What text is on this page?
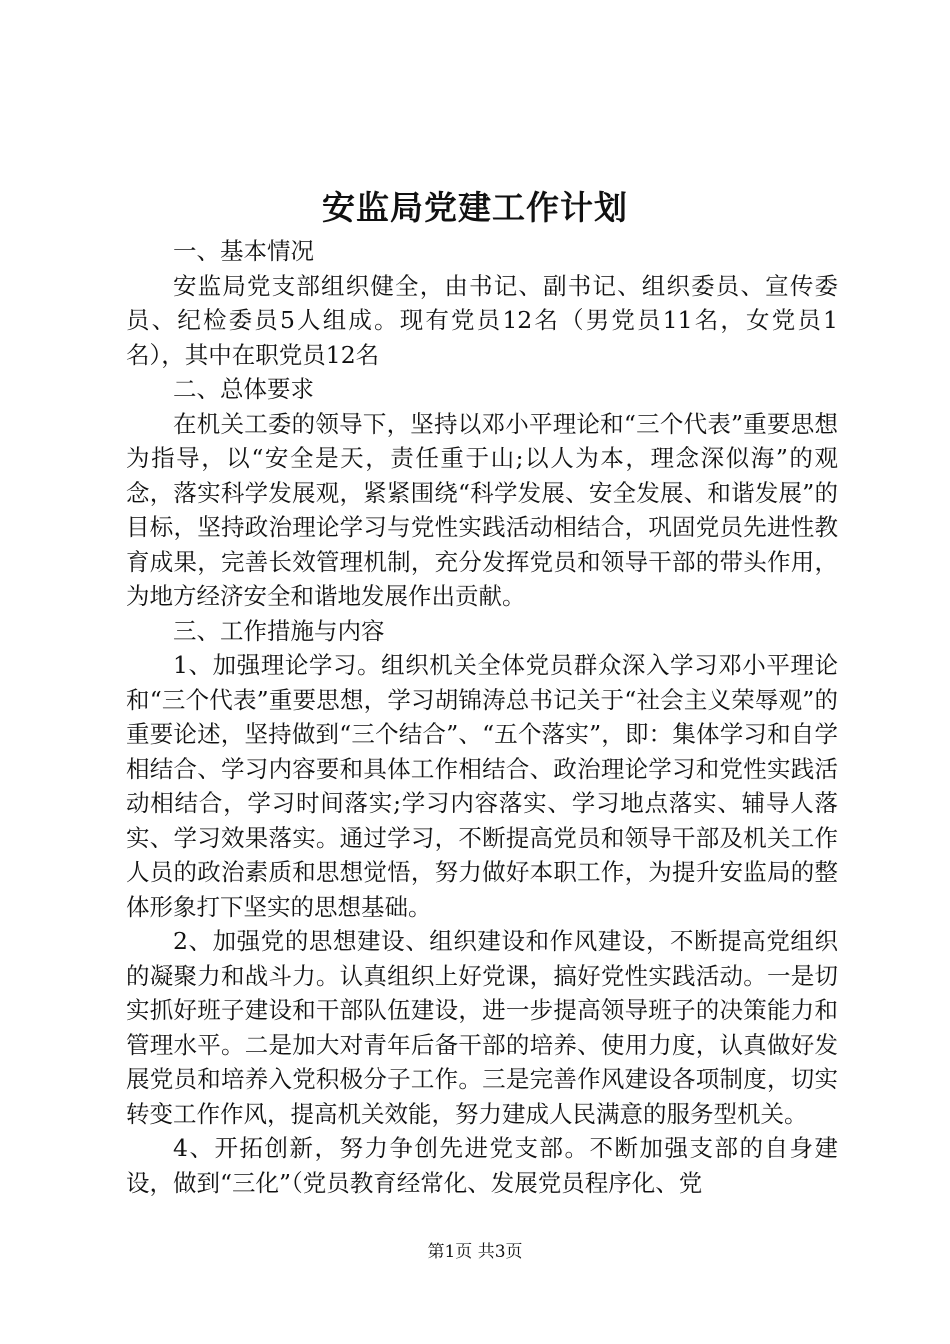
安监局党建工作计划

一、基本情况

安监局党支部组织健全，由书记、副书记、组织委员、宣传委员、纪检委员5人组成。现有党员12名（男党员11名，女党员1名），其中在职党员12名

二、总体要求

在机关工委的领导下，坚持以邓小平理论和“三个代表”重要思想为指导，以“安全是天，责任重于山;以人为本，理念深似海”的观念，落实科学发展观，紧紧围绕“科学发展、安全发展、和谐发展”的目标，坚持政治理论学习与党性实践活动相结合，巩固党员先进性教育成果，完善长效管理机制，充分发挥党员和领导干部的带头作用，为地方经济安全和谐地发展作出贡献。

三、工作措施与内容

1、加强理论学习。组织机关全体党员群众深入学习邓小平理论和“三个代表”重要思想，学习胡锦涛总书记关于“社会主义荣辱观”的重要论述，坚持做到“三个结合”、“五个落实”，即：集体学习和自学相结合、学习内容要和具体工作相结合、政治理论学习和党性实践活动相结合，学习时间落实;学习内容落实、学习地点落实、辅导人落实、学习效果落实。通过学习，不断提高党员和领导干部及机关工作人员的政治素质和思想觉悟，努力做好本职工作，为提升安监局的整体形象打下坚实的思想基础。

2、加强党的思想建设、组织建设和作风建设，不断提高党组织的凝聚力和战斗力。认真组织上好党课，搞好党性实践活动。一是切实抓好班子建设和干部队伍建设，进一步提高领导班子的决策能力和管理水平。二是加大对青年后备干部的培养、使用力度，认真做好发展党员和培养入党积极分子工作。三是完善作风建设各项制度，切实转变工作作风，提高机关效能，努力建成人民满意的服务型机关。

4、开拓创新，努力争创先进党支部。不断加强支部的自身建设，做到“三化”（党员教育经常化、发展党员程序化、党

第1页 共3页
